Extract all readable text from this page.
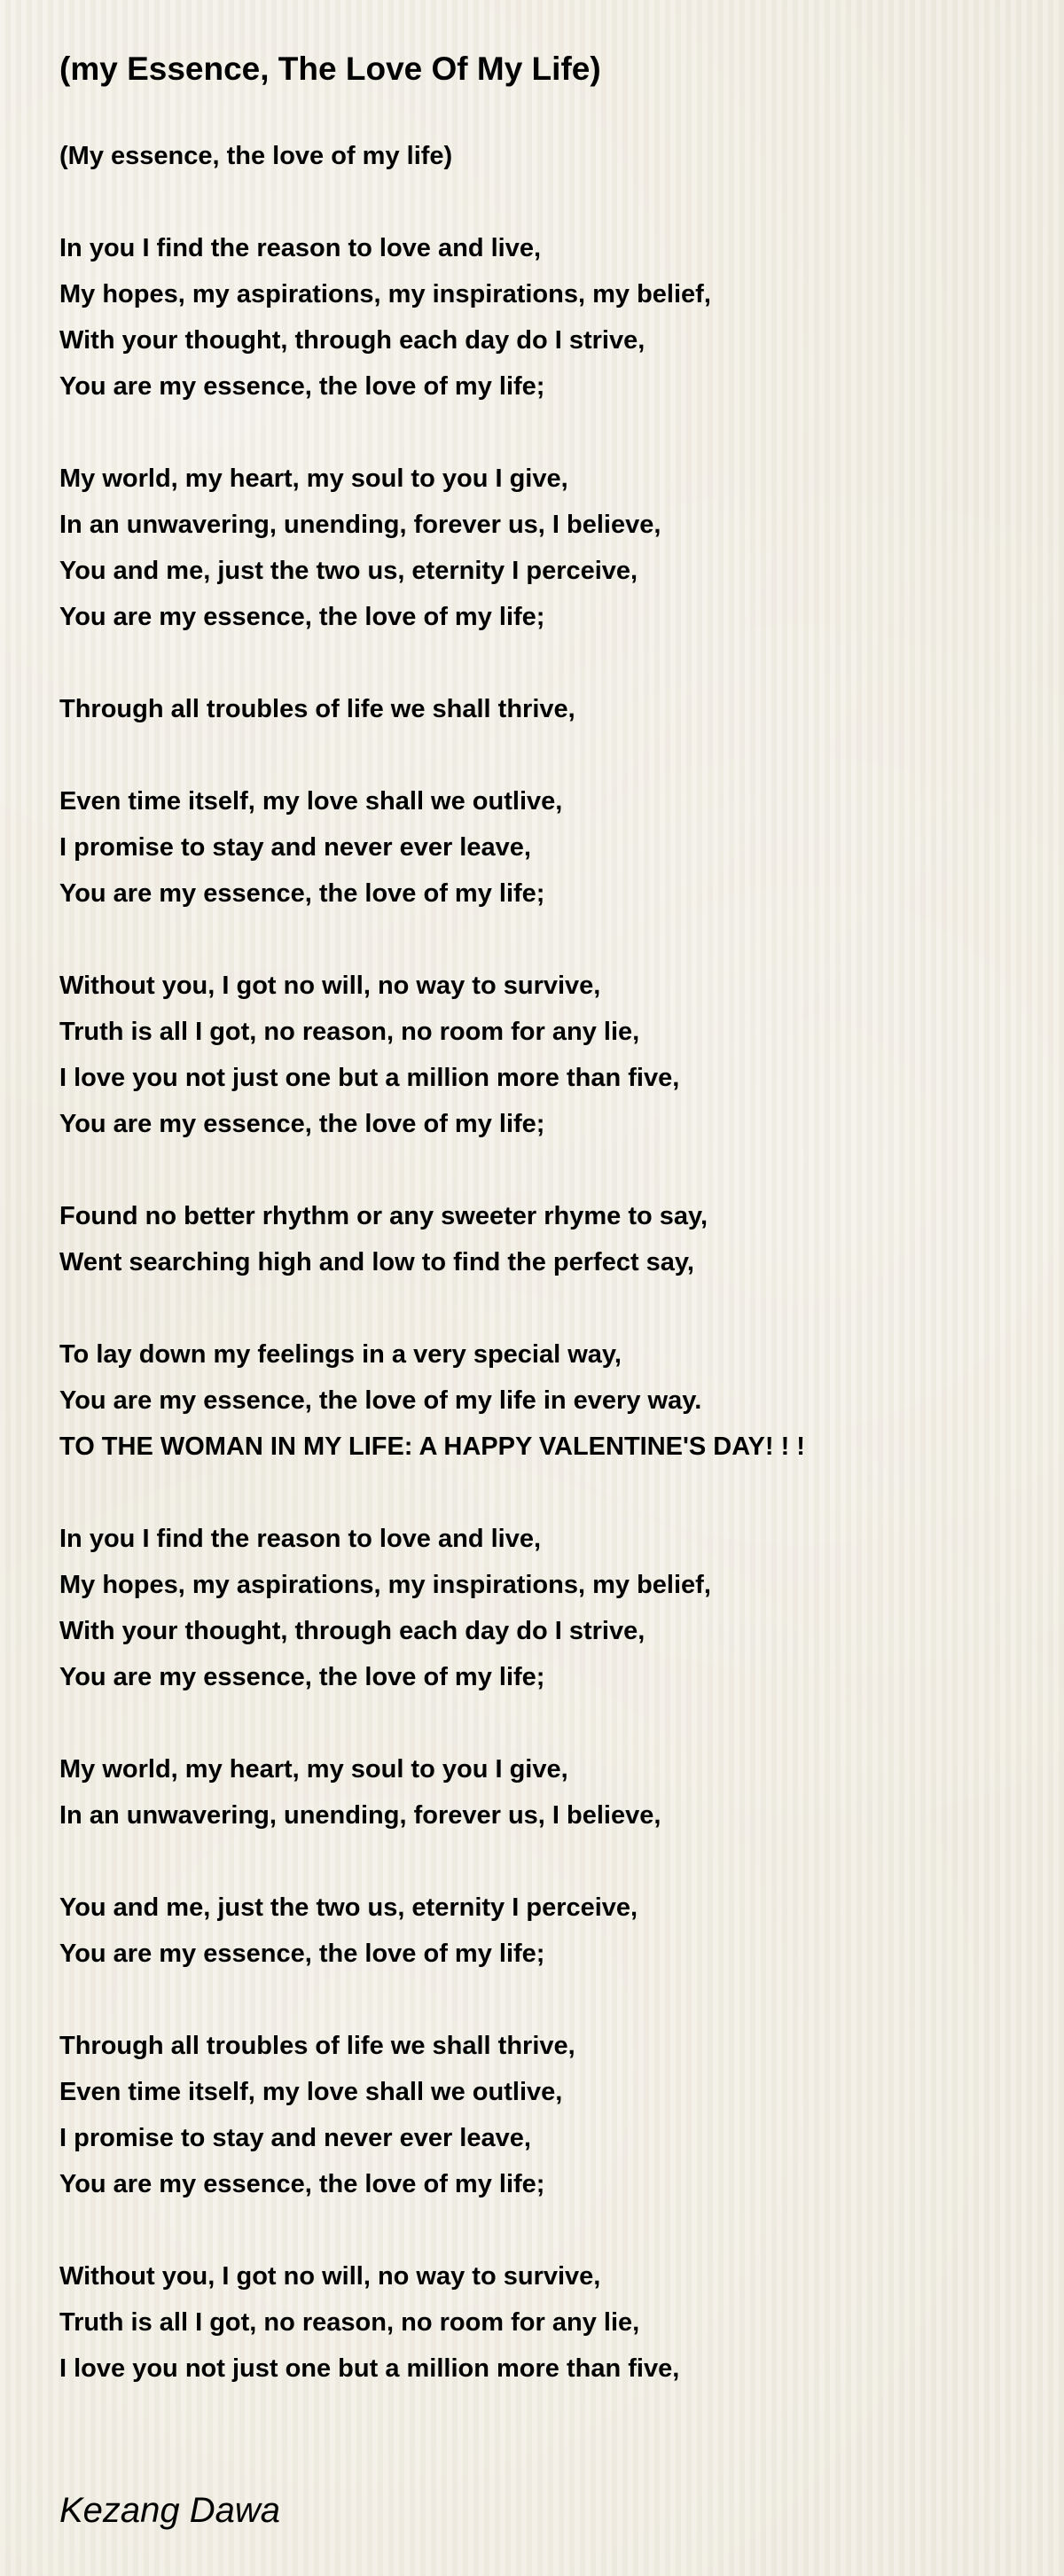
(my Essence, The Love Of My Life)
(My essence, the love of my life)
In you I find the reason to love and live,
My hopes, my aspirations, my inspirations, my belief,
With your thought, through each day do I strive,
You are my essence, the love of my life;
My world, my heart, my soul to you I give,
In an unwavering, unending, forever us, I believe,
You and me, just the two us, eternity I perceive,
You are my essence, the love of my life;
Through all troubles of life we shall thrive,
Even time itself, my love shall we outlive,
I promise to stay and never ever leave,
You are my essence, the love of my life;
Without you, I got no will, no way to survive,
Truth is all I got, no reason, no room for any lie,
I love you not just one but a million more than five,
You are my essence, the love of my life;
Found no better rhythm or any sweeter rhyme to say,
Went searching high and low to find the perfect say,
To lay down my feelings in a very special way,
You are my essence, the love of my life in every way.
TO THE WOMAN IN MY LIFE: A HAPPY VALENTINE'S DAY! ! !
In you I find the reason to love and live,
My hopes, my aspirations, my inspirations, my belief,
With your thought, through each day do I strive,
You are my essence, the love of my life;
My world, my heart, my soul to you I give,
In an unwavering, unending, forever us, I believe,
You and me, just the two us, eternity I perceive,
You are my essence, the love of my life;
Through all troubles of life we shall thrive,
Even time itself, my love shall we outlive,
I promise to stay and never ever leave,
You are my essence, the love of my life;
Without you, I got no will, no way to survive,
Truth is all I got, no reason, no room for any lie,
I love you not just one but a million more than five,
Kezang Dawa
